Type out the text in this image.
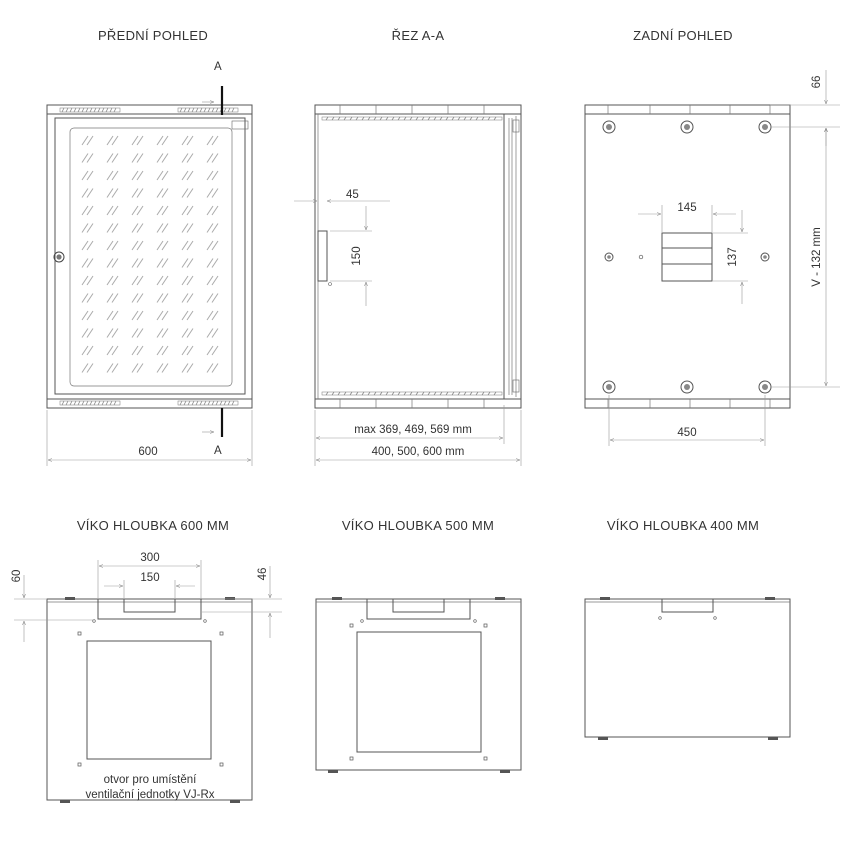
PŘEDNÍ POHLED	ŘEZ A-A	ZADNÍ POHLED
VÍKO HLOUBKA 600 MM	VÍKO HLOUBKA 500 MM	VÍKO HLOUBKA 400 MM
A
A
600
45
150
max 369, 469, 569 mm
400, 500, 600 mm
66
V - 132 mm
145
137
450
300
150
60	46
otvor pro umístění
ventilační jednotky VJ-Rx
